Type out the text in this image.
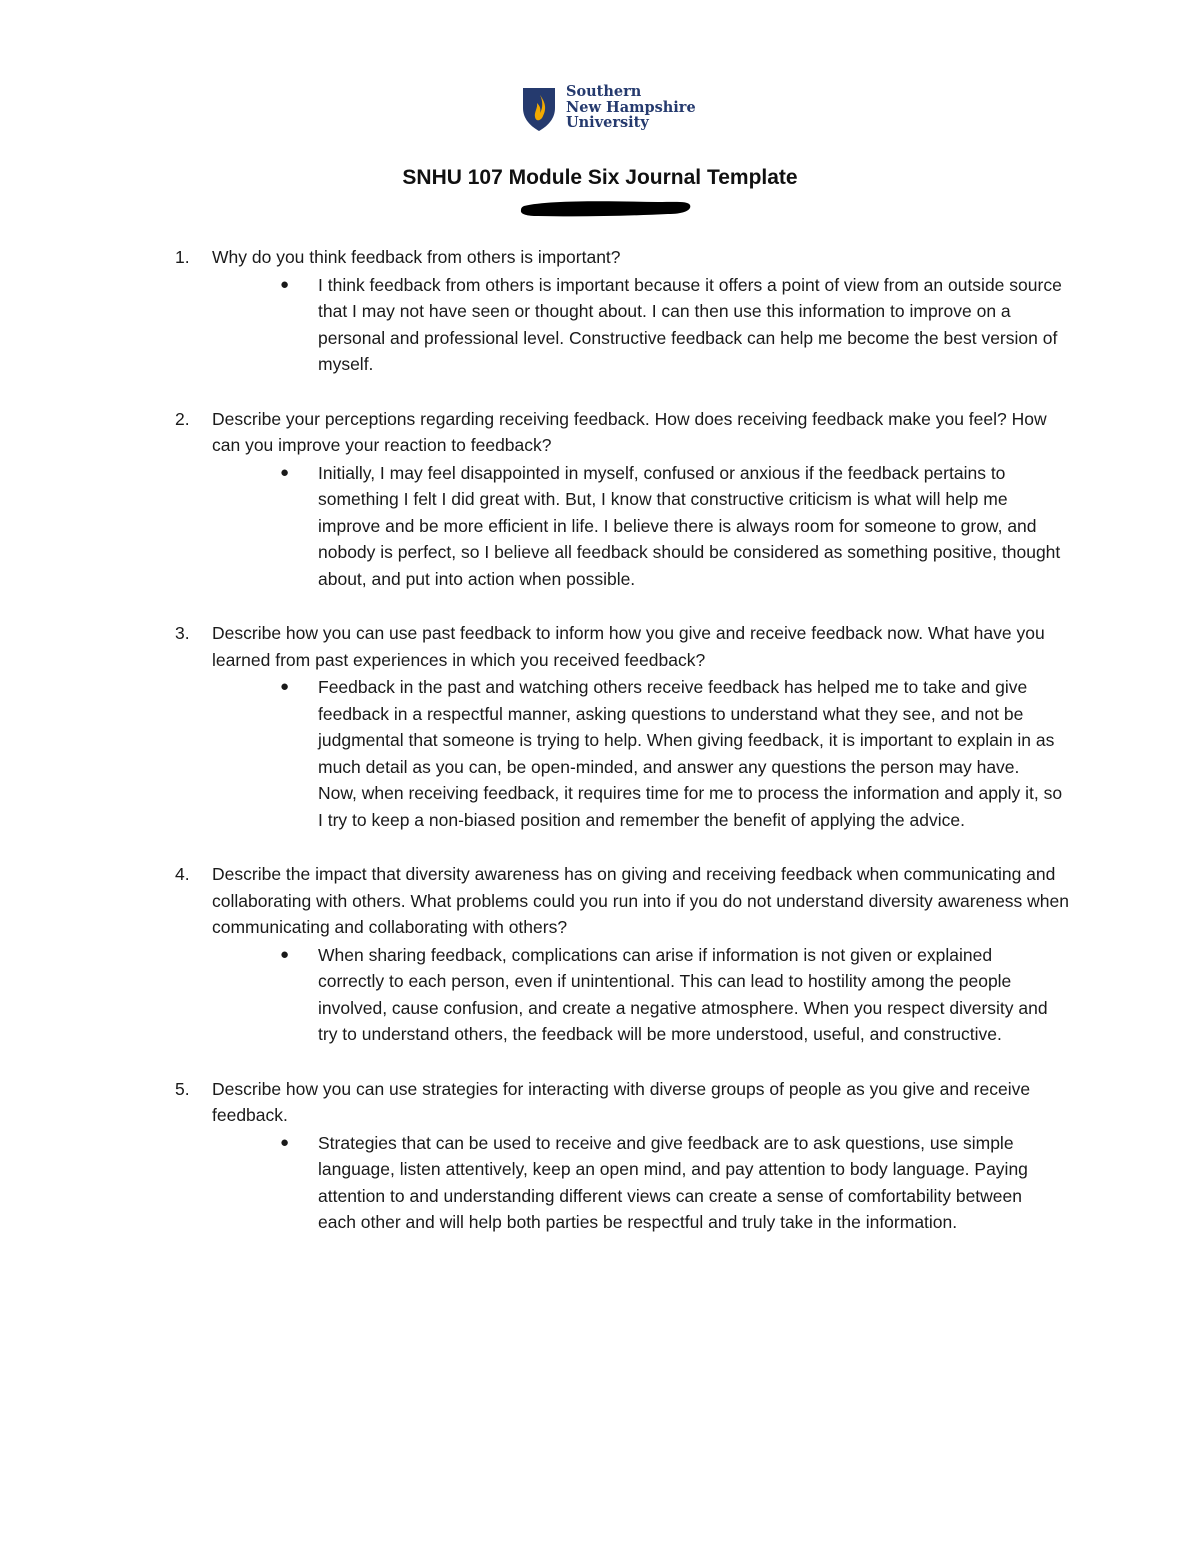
Southern
New Hampshire
University
SNHU 107 Module Six Journal Template
1. Why do you think feedback from others is important?
● I think feedback from others is important because it offers a point of view from an outside source that I may not have seen or thought about. I can then use this information to improve on a personal and professional level. Constructive feedback can help me become the best version of myself.
2. Describe your perceptions regarding receiving feedback. How does receiving feedback make you feel? How can you improve your reaction to feedback?
● Initially, I may feel disappointed in myself, confused or anxious if the feedback pertains to something I felt I did great with. But, I know that constructive criticism is what will help me improve and be more efficient in life. I believe there is always room for someone to grow, and nobody is perfect, so I believe all feedback should be considered as something positive, thought about, and put into action when possible.
3. Describe how you can use past feedback to inform how you give and receive feedback now. What have you learned from past experiences in which you received feedback?
● Feedback in the past and watching others receive feedback has helped me to take and give feedback in a respectful manner, asking questions to understand what they see, and not be judgmental that someone is trying to help. When giving feedback, it is important to explain in as much detail as you can, be open-minded, and answer any questions the person may have. Now, when receiving feedback, it requires time for me to process the information and apply it, so I try to keep a non-biased position and remember the benefit of applying the advice.
4. Describe the impact that diversity awareness has on giving and receiving feedback when communicating and collaborating with others. What problems could you run into if you do not understand diversity awareness when communicating and collaborating with others?
● When sharing feedback, complications can arise if information is not given or explained correctly to each person, even if unintentional. This can lead to hostility among the people involved, cause confusion, and create a negative atmosphere. When you respect diversity and try to understand others, the feedback will be more understood, useful, and constructive.
5. Describe how you can use strategies for interacting with diverse groups of people as you give and receive feedback.
● Strategies that can be used to receive and give feedback are to ask questions, use simple language, listen attentively, keep an open mind, and pay attention to body language. Paying attention to and understanding different views can create a sense of comfortability between each other and will help both parties be respectful and truly take in the information.
